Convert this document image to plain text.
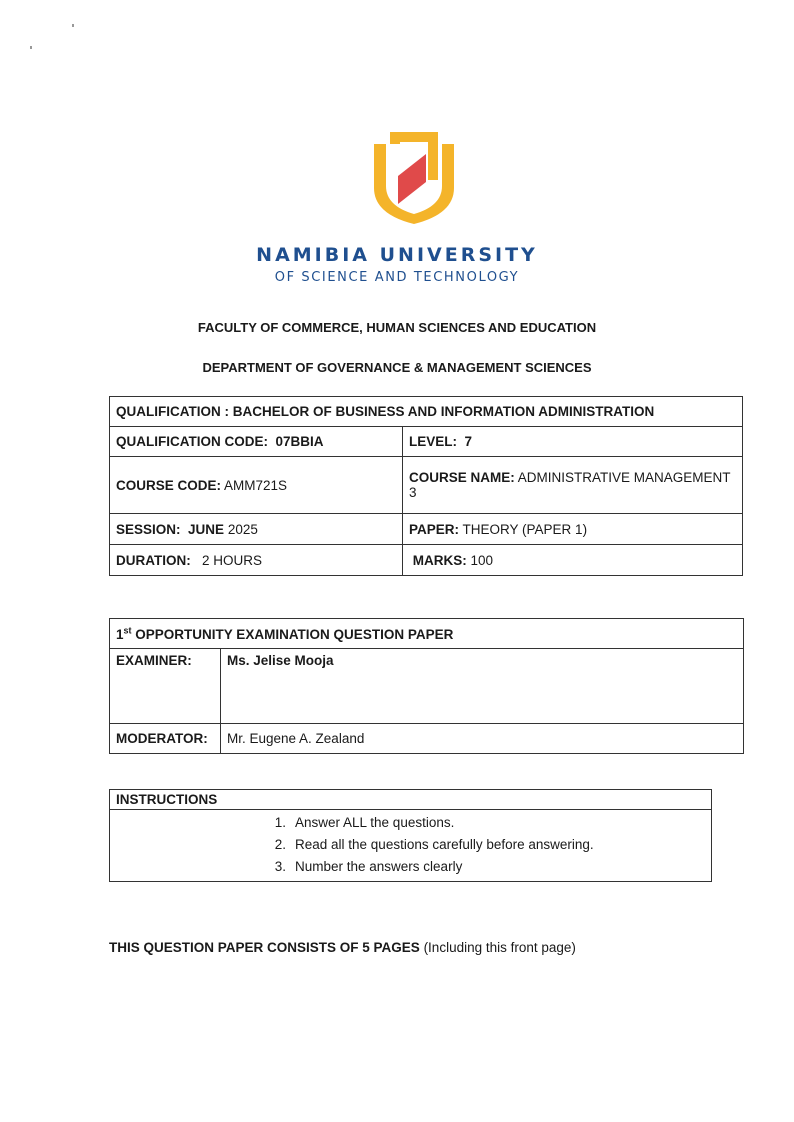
NAMIBIA UNIVERSITY
OF SCIENCE AND TECHNOLOGY
FACULTY OF COMMERCE, HUMAN SCIENCES AND EDUCATION
DEPARTMENT OF GOVERNANCE & MANAGEMENT SCIENCES
QUALIFICATION : BACHELOR OF BUSINESS AND INFORMATION ADMINISTRATION	
QUALIFICATION CODE: 07BBIA	LEVEL: 7
COURSE CODE: AMM721S	COURSE NAME: ADMINISTRATIVE MANAGEMENT 3
SESSION: JUNE 2025	PAPER: THEORY (PAPER 1)
DURATION: 2 HOURS	MARKS: 100
1st OPPORTUNITY EXAMINATION QUESTION PAPER	
EXAMINER:	Ms. Jelise Mooja
MODERATOR:	Mr. Eugene A. Zealand
INSTRUCTIONS

1. Answer ALL the questions.
2. Read all the questions carefully before answering.
3. Number the answers clearly
THIS QUESTION PAPER CONSISTS OF 5 PAGES (Including this front page)
